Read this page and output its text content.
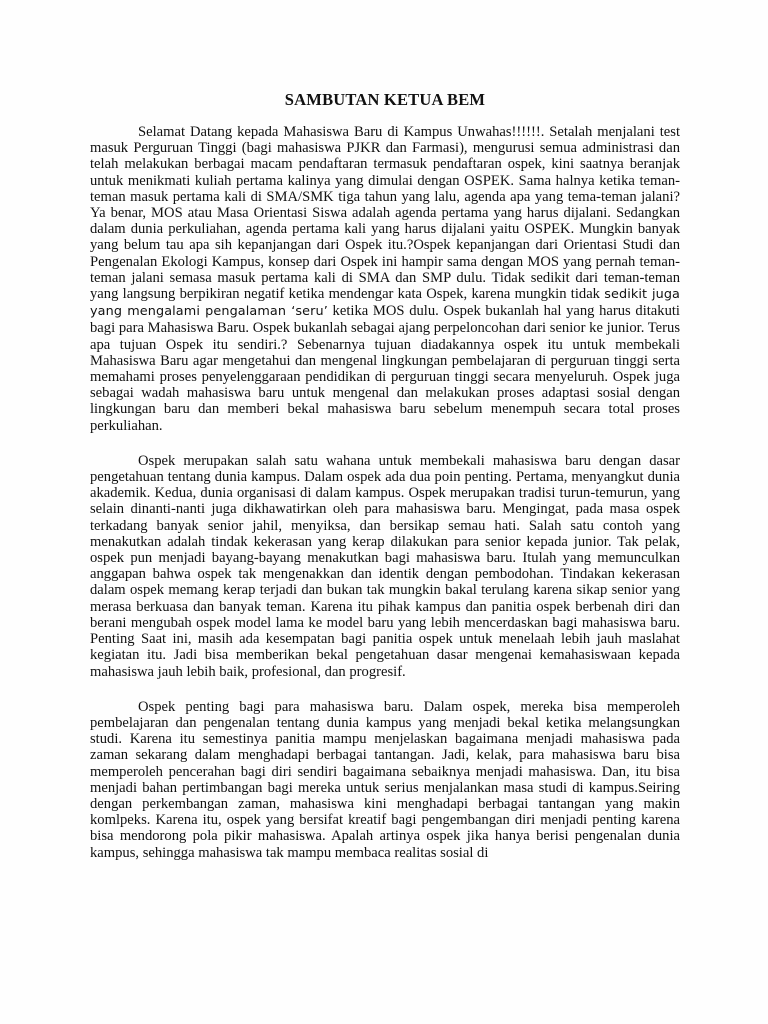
SAMBUTAN KETUA BEM

Selamat Datang kepada Mahasiswa Baru di Kampus Unwahas!!!!!!. Setalah menjalani test masuk Perguruan Tinggi (bagi mahasiswa PJKR dan Farmasi), mengurusi semua administrasi dan telah melakukan berbagai macam pendaftaran termasuk pendaftaran ospek, kini saatnya beranjak untuk menikmati kuliah pertama kalinya yang dimulai dengan OSPEK. Sama halnya ketika teman-teman masuk pertama kali di SMA/SMK tiga tahun yang lalu, agenda apa yang tema-teman jalani?Ya benar, MOS atau Masa Orientasi Siswa adalah agenda pertama yang harus dijalani. Sedangkan dalam dunia perkuliahan, agenda pertama kali yang harus dijalani yaitu OSPEK. Mungkin banyak yang belum tau apa sih kepanjangan dari Ospek itu.?Ospek kepanjangan dari Orientasi Studi dan Pengenalan Ekologi Kampus, konsep dari Ospek ini hampir sama dengan MOS yang pernah teman-teman jalani semasa masuk pertama kali di SMA dan SMP dulu. Tidak sedikit dari teman-teman yang langsung berpikiran negatif ketika mendengar kata Ospek, karena mungkin tidak sedikit juga yang mengalami pengalaman ‘seru’ ketika MOS dulu. Ospek bukanlah hal yang harus ditakuti bagi para Mahasiswa Baru. Ospek bukanlah sebagai ajang perpeloncohan dari senior ke junior. Terus apa tujuan Ospek itu sendiri.? Sebenarnya tujuan diadakannya ospek itu untuk membekali Mahasiswa Baru agar mengetahui dan mengenal lingkungan pembelajaran di perguruan tinggi serta memahami proses penyelenggaraan pendidikan di perguruan tinggi secara menyeluruh. Ospek juga sebagai wadah mahasiswa baru untuk mengenal dan melakukan proses adaptasi sosial dengan lingkungan baru dan memberi bekal mahasiswa baru sebelum menempuh secara total proses perkuliahan.

Ospek merupakan salah satu wahana untuk membekali mahasiswa baru dengan dasar pengetahuan tentang dunia kampus. Dalam ospek ada dua poin penting. Pertama, menyangkut dunia akademik. Kedua, dunia organisasi di dalam kampus. Ospek merupakan tradisi turun-temurun, yang selain dinanti-nanti juga dikhawatirkan oleh para mahasiswa baru. Mengingat, pada masa ospek terkadang banyak senior jahil, menyiksa, dan bersikap semau hati. Salah satu contoh yang menakutkan adalah tindak kekerasan yang kerap dilakukan para senior kepada junior. Tak pelak, ospek pun menjadi bayang-bayang menakutkan bagi mahasiswa baru. Itulah yang memunculkan anggapan bahwa ospek tak mengenakkan dan identik dengan pembodohan. Tindakan kekerasan dalam ospek memang kerap terjadi dan bukan tak mungkin bakal terulang karena sikap senior yang merasa berkuasa dan banyak teman. Karena itu pihak kampus dan panitia ospek berbenah diri dan berani mengubah ospek model lama ke model baru yang lebih mencerdaskan bagi mahasiswa baru. Penting Saat ini, masih ada kesempatan bagi panitia ospek untuk menelaah lebih jauh maslahat kegiatan itu. Jadi bisa memberikan bekal pengetahuan dasar mengenai kemahasiswaan kepada mahasiswa jauh lebih baik, profesional, dan progresif.

Ospek penting bagi para mahasiswa baru. Dalam ospek, mereka bisa memperoleh pembelajaran dan pengenalan tentang dunia kampus yang menjadi bekal ketika melangsungkan studi. Karena itu semestinya panitia mampu menjelaskan bagaimana menjadi mahasiswa pada zaman sekarang dalam menghadapi berbagai tantangan. Jadi, kelak, para mahasiswa baru bisa memperoleh pencerahan bagi diri sendiri bagaimana sebaiknya menjadi mahasiswa. Dan, itu bisa menjadi bahan pertimbangan bagi mereka untuk serius menjalankan masa studi di kampus.Seiring dengan perkembangan zaman, mahasiswa kini menghadapi berbagai tantangan yang makin komlpeks. Karena itu, ospek yang bersifat kreatif bagi pengembangan diri menjadi penting karena bisa mendorong pola pikir mahasiswa. Apalah artinya ospek jika hanya berisi pengenalan dunia kampus, sehingga mahasiswa tak mampu membaca realitas sosial di
